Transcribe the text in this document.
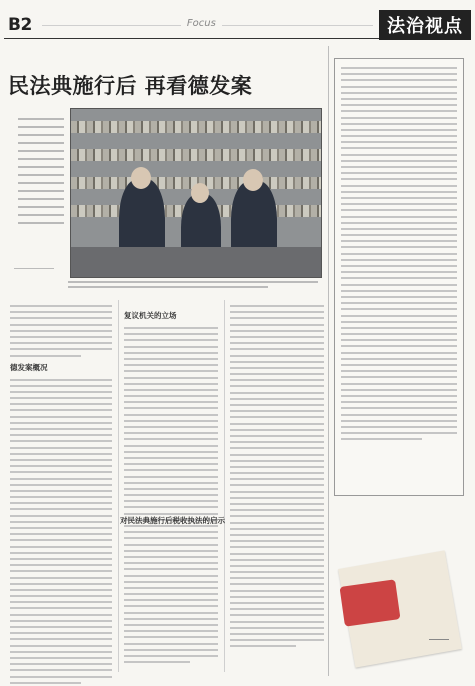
B2	Focus	法治视点
民法典施行后 再看德发案
德发案概况
复议机关的立场
对民法典施行后税收执法的启示
